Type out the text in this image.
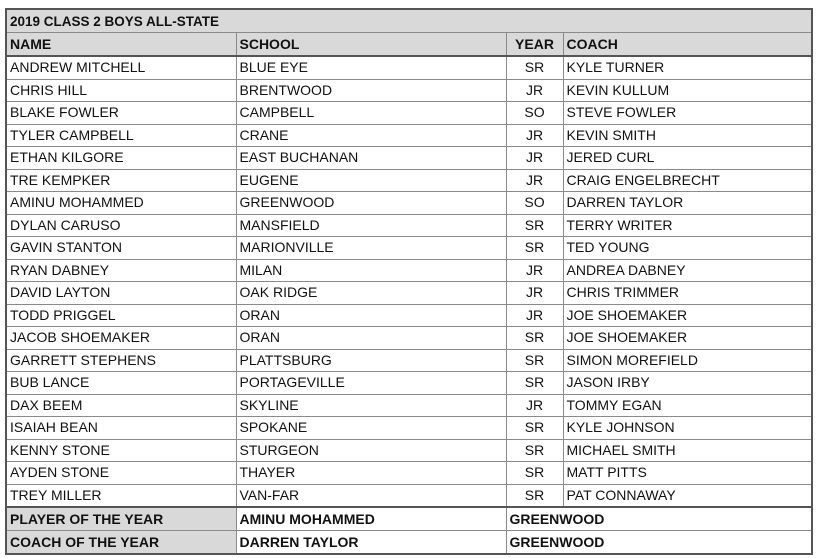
2019 CLASS 2 BOYS ALL-STATE			
NAME	SCHOOL	YEAR	COACH
ANDREW MITCHELL	BLUE EYE	SR	KYLE TURNER
CHRIS HILL	BRENTWOOD	JR	KEVIN KULLUM
BLAKE FOWLER	CAMPBELL	SO	STEVE FOWLER
TYLER CAMPBELL	CRANE	JR	KEVIN SMITH
ETHAN KILGORE	EAST BUCHANAN	JR	JERED CURL
TRE KEMPKER	EUGENE	JR	CRAIG ENGELBRECHT
AMINU MOHAMMED	GREENWOOD	SO	DARREN TAYLOR
DYLAN CARUSO	MANSFIELD	SR	TERRY WRITER
GAVIN STANTON	MARIONVILLE	SR	TED YOUNG
RYAN DABNEY	MILAN	JR	ANDREA DABNEY
DAVID LAYTON	OAK RIDGE	JR	CHRIS TRIMMER
TODD PRIGGEL	ORAN	JR	JOE SHOEMAKER
JACOB SHOEMAKER	ORAN	SR	JOE SHOEMAKER
GARRETT STEPHENS	PLATTSBURG	SR	SIMON MOREFIELD
BUB LANCE	PORTAGEVILLE	SR	JASON IRBY
DAX BEEM	SKYLINE	JR	TOMMY EGAN
ISAIAH BEAN	SPOKANE	SR	KYLE JOHNSON
KENNY STONE	STURGEON	SR	MICHAEL SMITH
AYDEN STONE	THAYER	SR	MATT PITTS
TREY MILLER	VAN-FAR	SR	PAT CONNAWAY
PLAYER OF THE YEAR	AMINU MOHAMMED	GREENWOOD	
COACH OF THE YEAR	DARREN TAYLOR	GREENWOOD	
